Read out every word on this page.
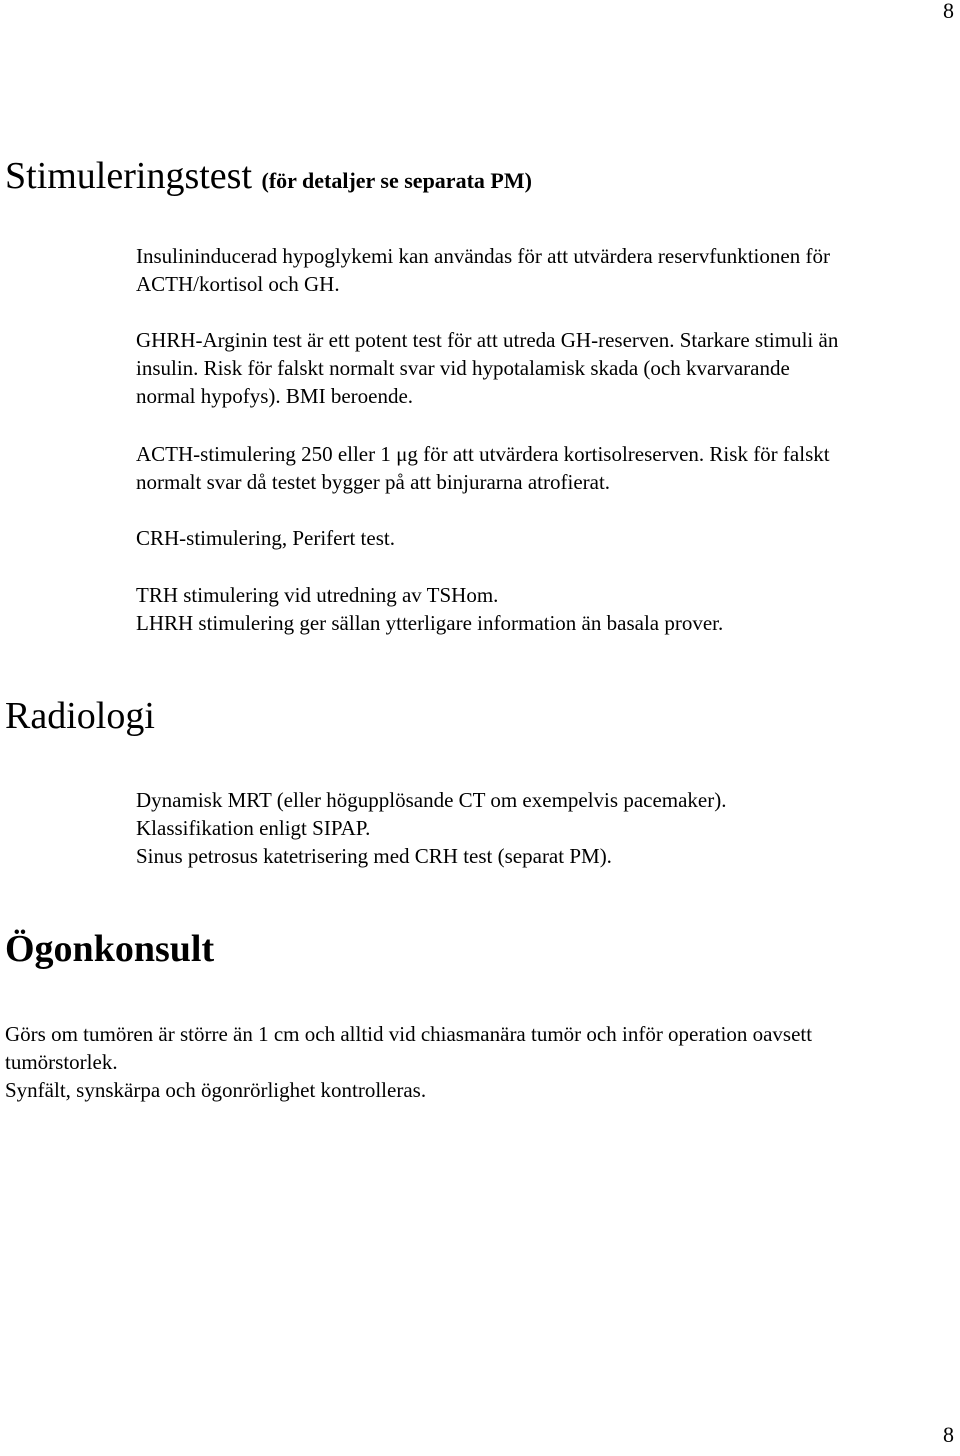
8
Stimuleringstest (för detaljer se separata PM)
Insulininducerad hypoglykemi kan användas för att utvärdera reservfunktionen för
ACTH/kortisol och GH.
GHRH-Arginin test är ett potent test för att utreda GH-reserven. Starkare stimuli än
insulin. Risk för falskt normalt svar vid hypotalamisk skada (och kvarvarande
normal hypofys). BMI beroende.
ACTH-stimulering 250 eller 1 μg för att utvärdera kortisolreserven. Risk för falskt
normalt svar då testet bygger på att binjurarna atrofierat.
CRH-stimulering, Perifert test.
TRH stimulering vid utredning av TSHom.
LHRH stimulering ger sällan ytterligare information än basala prover.
Radiologi
Dynamisk MRT (eller högupplösande CT om exempelvis pacemaker).
Klassifikation enligt SIPAP.
Sinus petrosus katetrisering med CRH test (separat PM).
Ögonkonsult
Görs om tumören är större än 1 cm och alltid vid chiasmanära tumör och inför operation oavsett
tumörstorlek.
Synfält, synskärpa och ögonrörlighet kontrolleras.
8
